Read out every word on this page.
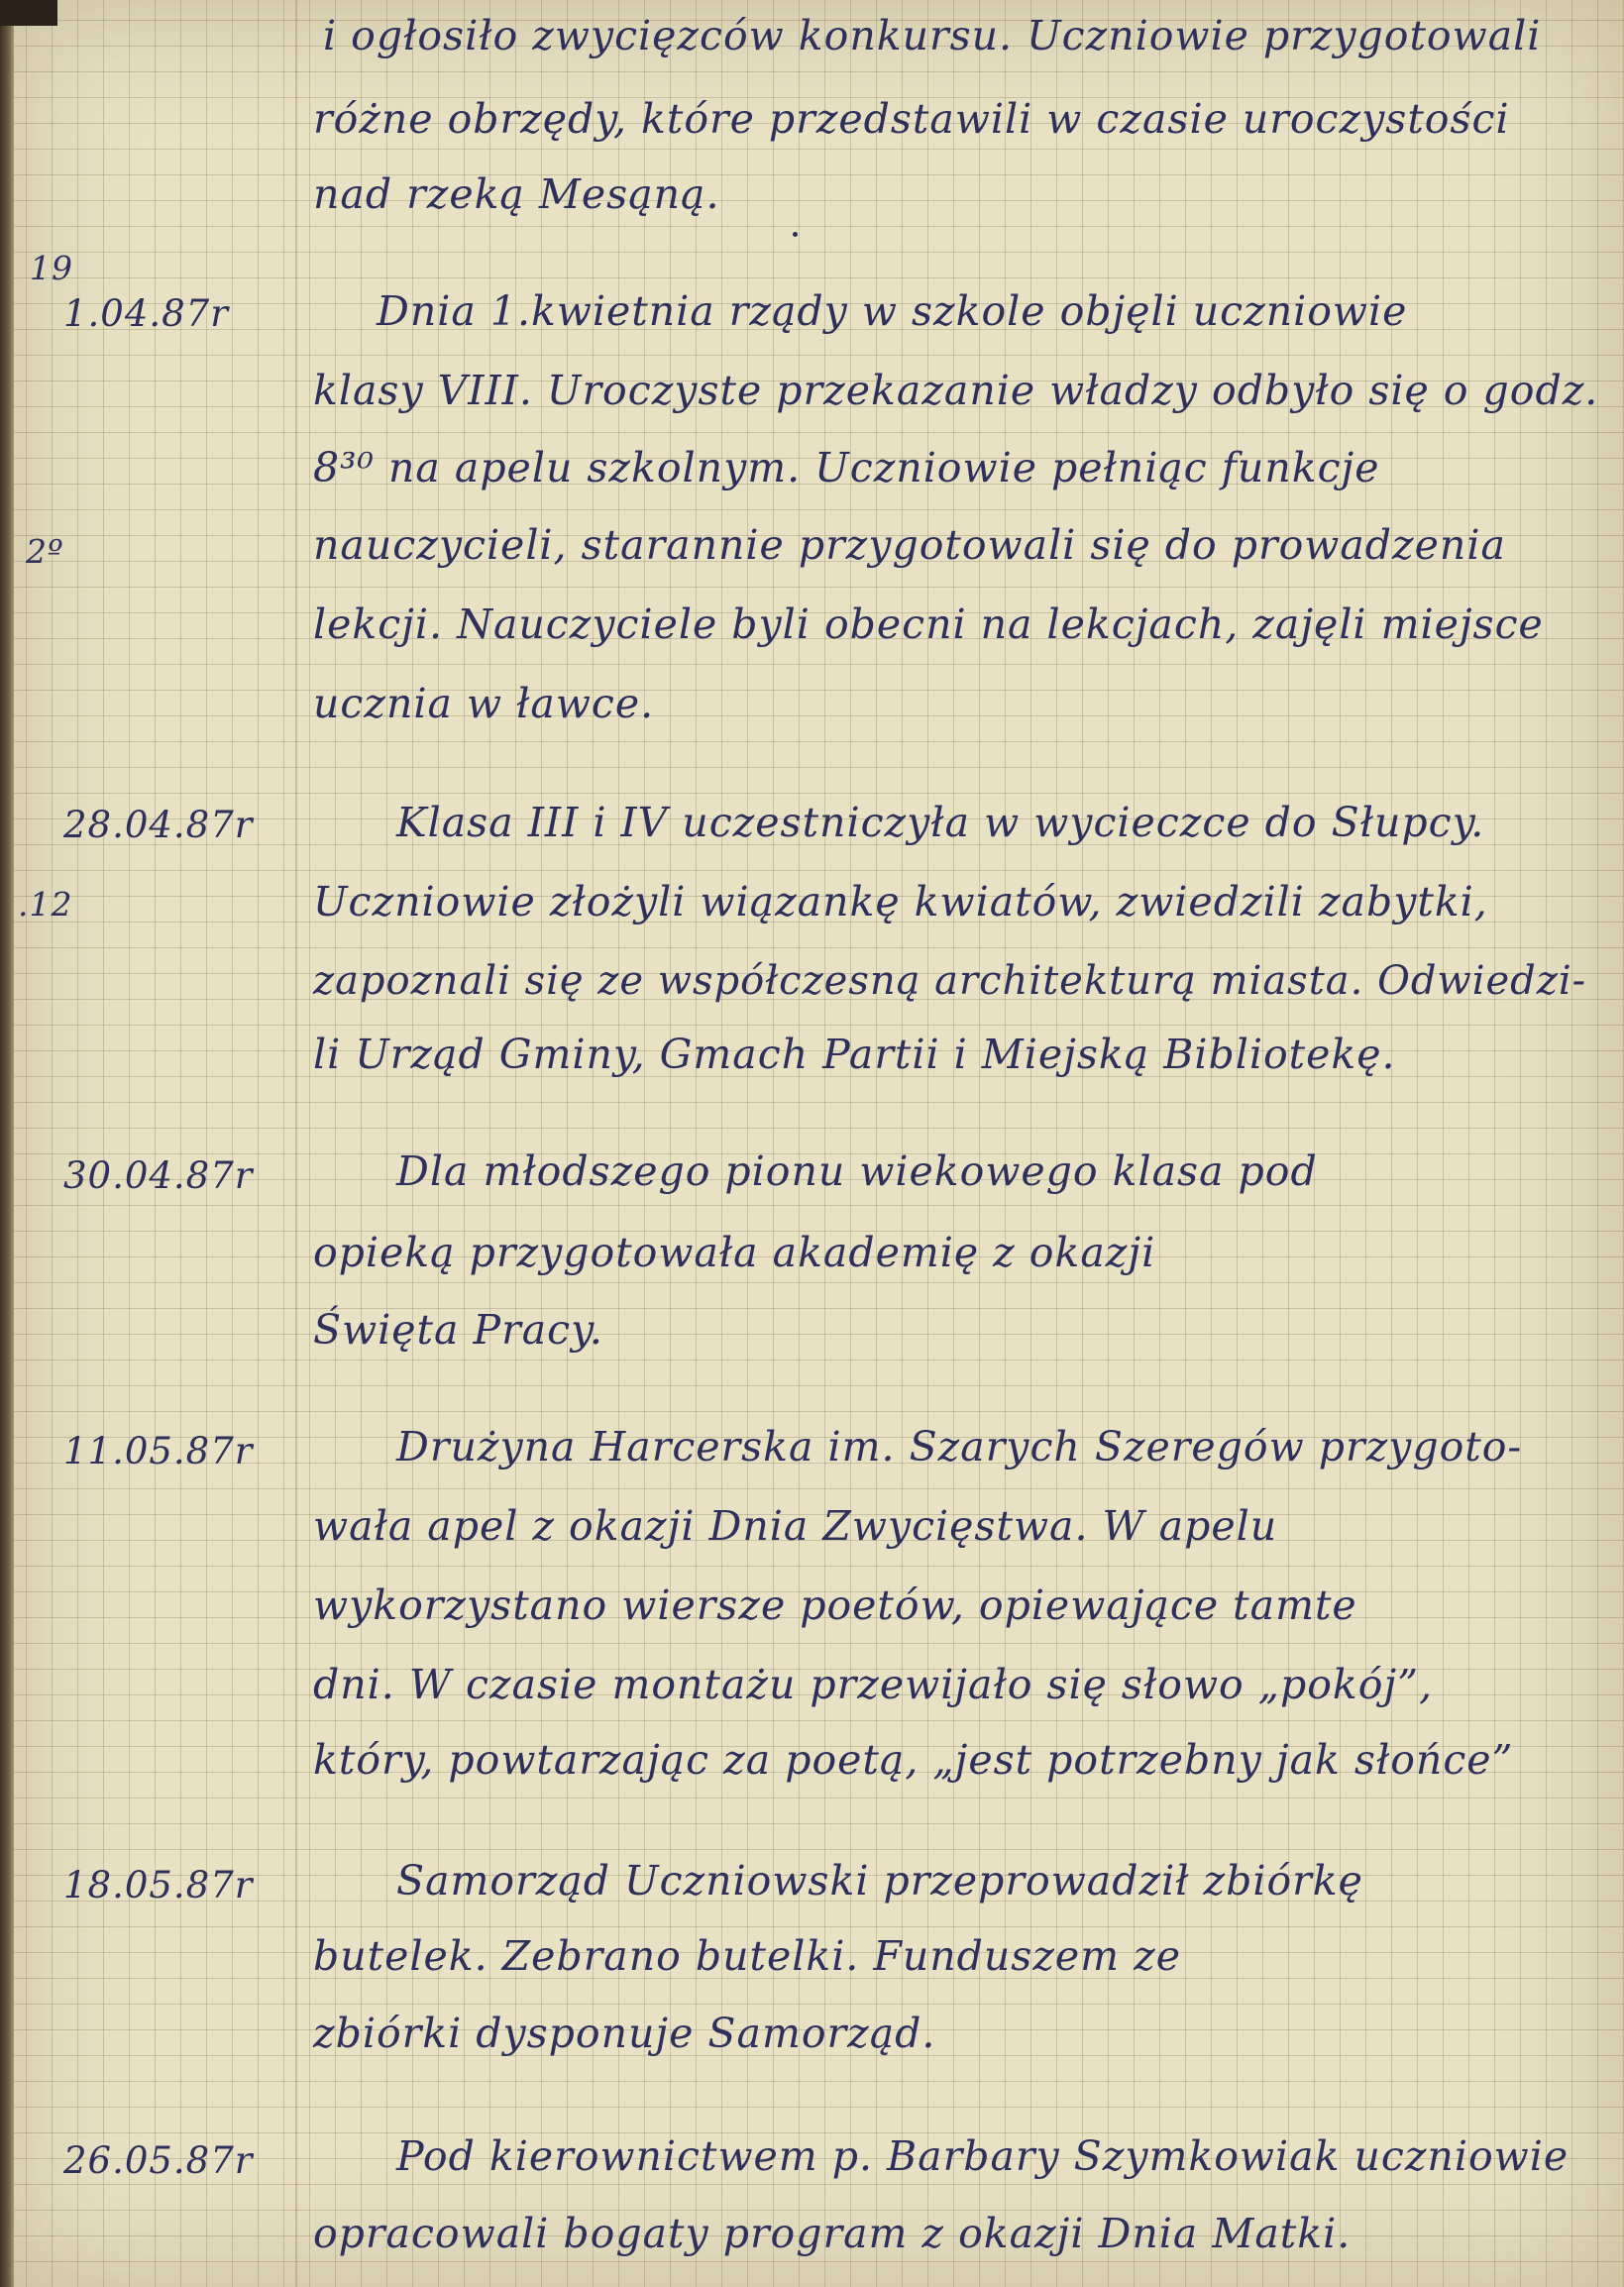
19
2º
.12
i ogłosiło zwycięzców konkursu. Uczniowie przygotowali
różne obrzędy, które przedstawili w czasie uroczystości
nad rzeką Mesąną.
1.04.87r	Dnia 1.kwietnia rządy w szkole objęli uczniowie
klasy VIII. Uroczyste przekazanie władzy odbyło się o godz.
8³⁰ na apelu szkolnym. Uczniowie pełniąc funkcje
nauczycieli, starannie przygotowali się do prowadzenia
lekcji. Nauczyciele byli obecni na lekcjach, zajęli miejsce
ucznia w ławce.
28.04.87r	Klasa III i IV uczestniczyła w wycieczce do Słupcy.
Uczniowie złożyli wiązankę kwiatów, zwiedzili zabytki,
zapoznali się ze współczesną architekturą miasta. Odwiedzi-
li Urząd Gminy, Gmach Partii i Miejską Bibliotekę.
30.04.87r	Dla młodszego pionu wiekowego klasa pod
opieką przygotowała akademię z okazji
Święta Pracy.
11.05.87r	Drużyna Harcerska im. Szarych Szeregów przygoto-
wała apel z okazji Dnia Zwycięstwa. W apelu
wykorzystano wiersze poetów, opiewające tamte
dni. W czasie montażu przewijało się słowo „pokój”,
który, powtarzając za poetą, „jest potrzebny jak słońce”
18.05.87r	Samorząd Uczniowski przeprowadził zbiórkę
butelek. Zebrano butelki. Funduszem ze
zbiórki dysponuje Samorząd.
26.05.87r	Pod kierownictwem p. Barbary Szymkowiak uczniowie
opracowali bogaty program z okazji Dnia Matki.
